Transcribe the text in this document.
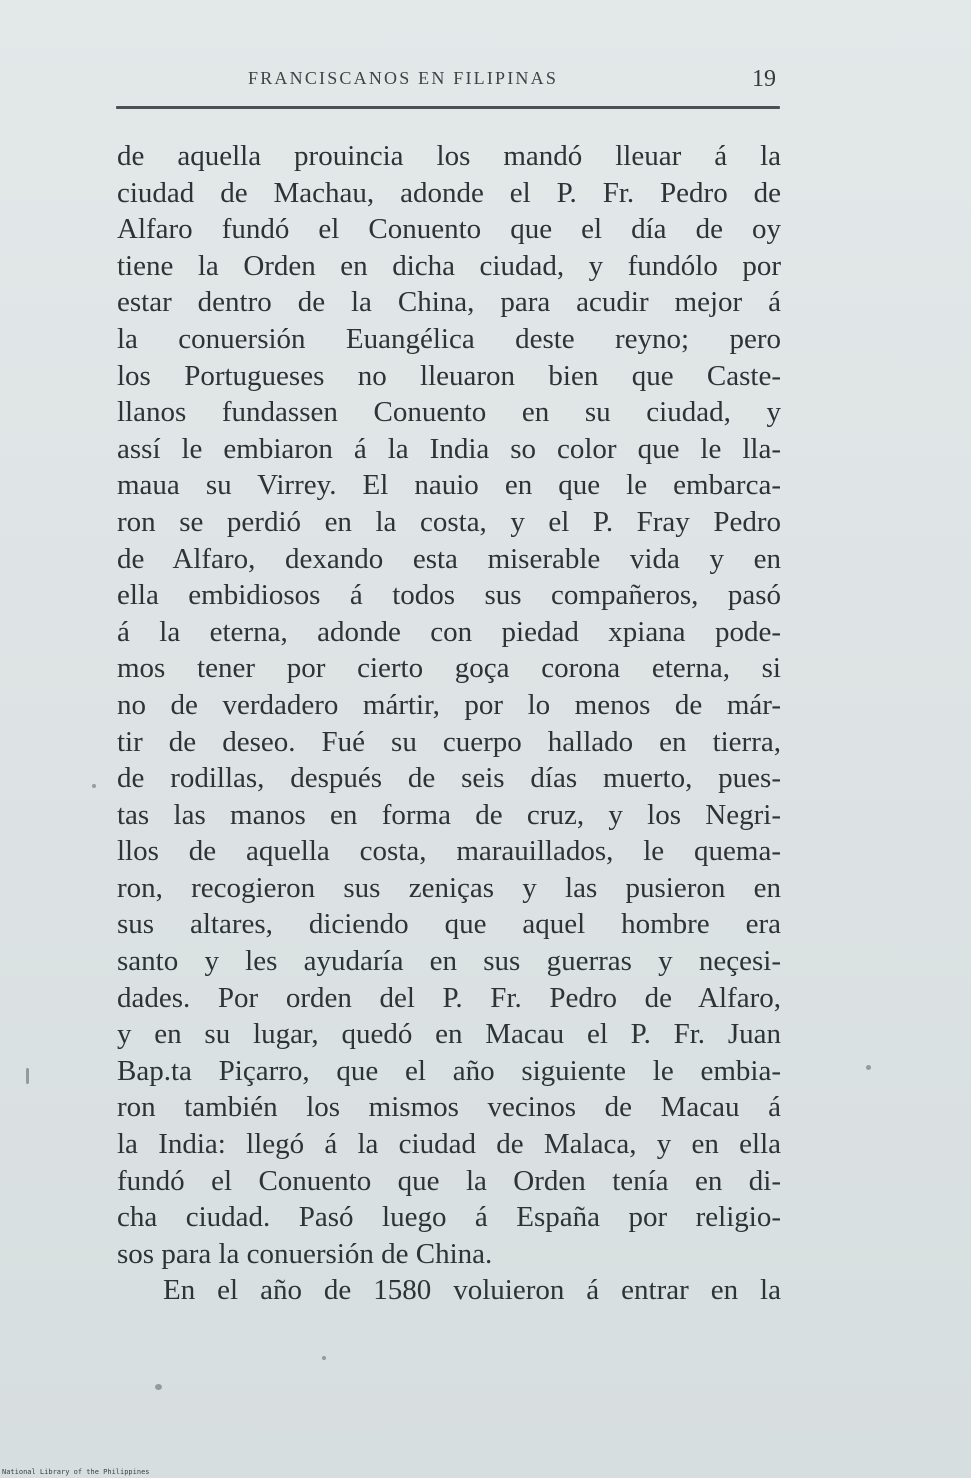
FRANCISCANOS EN FILIPINAS	19
de aquella prouincia los mandó lleuar á la
ciudad de Machau, adonde el P. Fr. Pedro de
Alfaro fundó el Conuento que el día de oy
tiene la Orden en dicha ciudad, y fundólo por
estar dentro de la China, para acudir mejor á
la conuersión Euangélica deste reyno; pero
los Portugueses no lleuaron bien que Caste-
llanos fundassen Conuento en su ciudad, y
assí le embiaron á la India so color que le lla-
maua su Virrey. El nauio en que le embarca-
ron se perdió en la costa, y el P. Fray Pedro
de Alfaro, dexando esta miserable vida y en
ella embidiosos á todos sus compañeros, pasó
á la eterna, adonde con piedad xpiana pode-
mos tener por cierto goça corona eterna, si
no de verdadero mártir, por lo menos de már-
tir de deseo. Fué su cuerpo hallado en tierra,
de rodillas, después de seis días muerto, pues-
tas las manos en forma de cruz, y los Negri-
llos de aquella costa, marauillados, le quema-
ron, recogieron sus zeniças y las pusieron en
sus altares, diciendo que aquel hombre era
santo y les ayudaría en sus guerras y neçesi-
dades. Por orden del P. Fr. Pedro de Alfaro,
y en su lugar, quedó en Macau el P. Fr. Juan
Bap.ta Piçarro, que el año siguiente le embia-
ron también los mismos vecinos de Macau á
la India: llegó á la ciudad de Malaca, y en ella
fundó el Conuento que la Orden tenía en di-
cha ciudad. Pasó luego á España por religio-
sos para la conuersión de China.
En el año de 1580 voluieron á entrar en la
National Library of the Philippines
